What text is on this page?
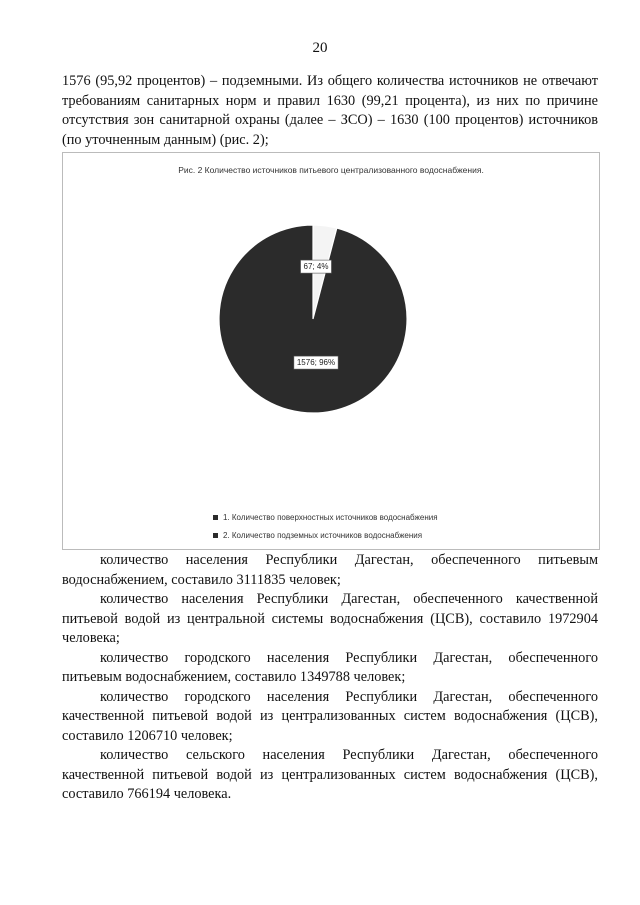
20

1576 (95,92 процентов) – подземными. Из общего количества источников не отвечают требованиям санитарных норм и правил 1630 (99,21 процента), из них по причине отсутствия зон санитарной охраны (далее – ЗСО) – 1630 (100 процентов) источников (по уточненным данным) (рис. 2);

Рис. 2 Количество источников питьевого централизованного водоснабжения.
67; 4%
1576; 96%
1. Количество поверхностных источников водоснабжения
2. Количество подземных источников водоснабжения

количество населения Республики Дагестан, обеспеченного питьевым водоснабжением, составило 3111835 человек;

количество населения Республики Дагестан, обеспеченного качественной питьевой водой из центральной системы водоснабжения (ЦСВ), составило 1972904 человека;

количество городского населения Республики Дагестан, обеспеченного питьевым водоснабжением, составило 1349788 человек;

количество городского населения Республики Дагестан, обеспеченного качественной питьевой водой из централизованных систем водоснабжения (ЦСВ), составило 1206710 человек;

количество сельского населения Республики Дагестан, обеспеченного качественной питьевой водой из централизованных систем водоснабжения (ЦСВ), составило 766194 человека.
